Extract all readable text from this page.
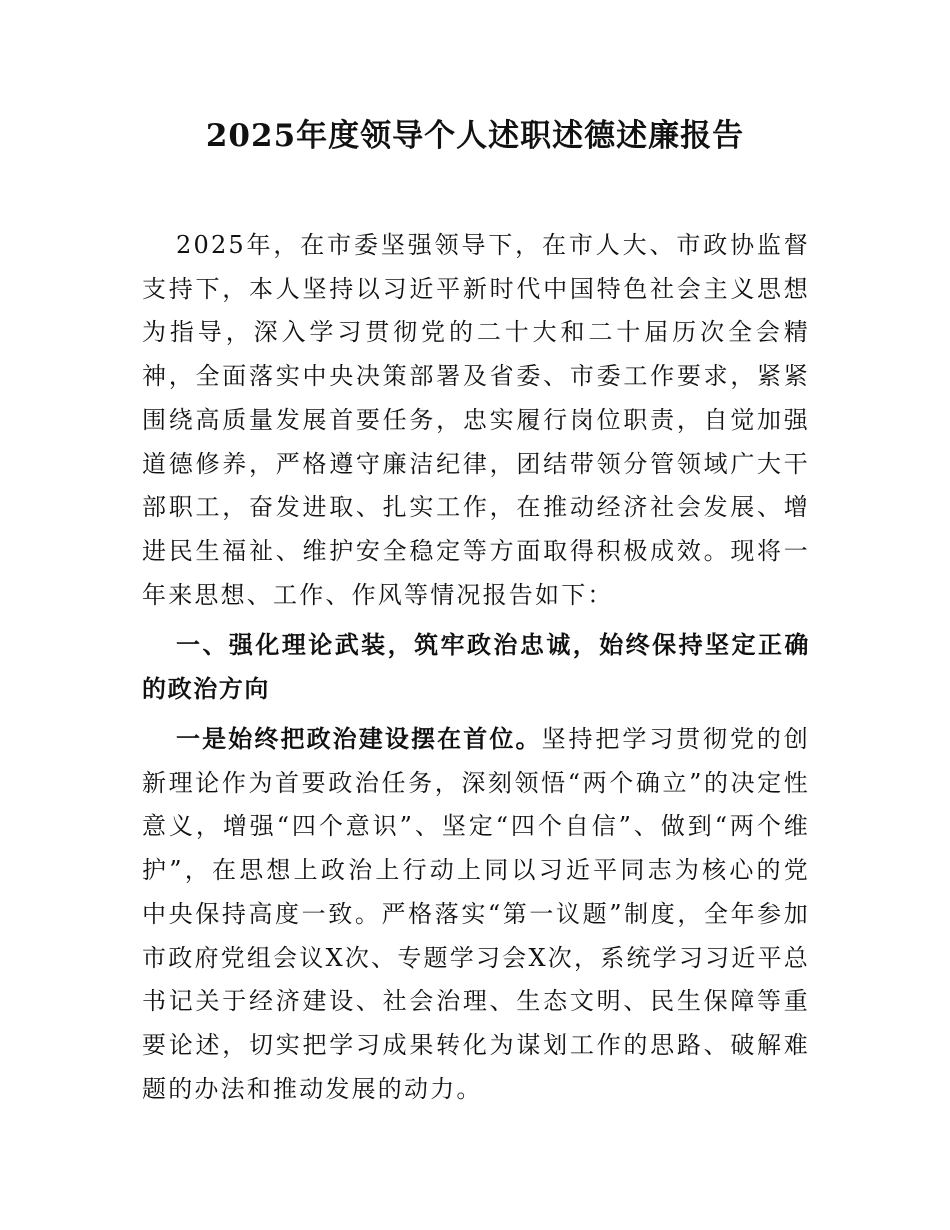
2025年度领导个人述职述德述廉报告

2025年，在市委坚强领导下，在市人大、市政协监督支持下，本人坚持以习近平新时代中国特色社会主义思想为指导，深入学习贯彻党的二十大和二十届历次全会精神，全面落实中央决策部署及省委、市委工作要求，紧紧围绕高质量发展首要任务，忠实履行岗位职责，自觉加强道德修养，严格遵守廉洁纪律，团结带领分管领域广大干部职工，奋发进取、扎实工作，在推动经济社会发展、增进民生福祉、维护安全稳定等方面取得积极成效。现将一年来思想、工作、作风等情况报告如下：

一、强化理论武装，筑牢政治忠诚，始终保持坚定正确的政治方向

一是始终把政治建设摆在首位。坚持把学习贯彻党的创新理论作为首要政治任务，深刻领悟“两个确立”的决定性意义，增强“四个意识”、坚定“四个自信”、做到“两个维护”，在思想上政治上行动上同以习近平同志为核心的党中央保持高度一致。严格落实“第一议题”制度，全年参加市政府党组会议X次、专题学习会X次，系统学习习近平总书记关于经济建设、社会治理、生态文明、民生保障等重要论述，切实把学习成果转化为谋划工作的思路、破解难题的办法和推动发展的动力。
